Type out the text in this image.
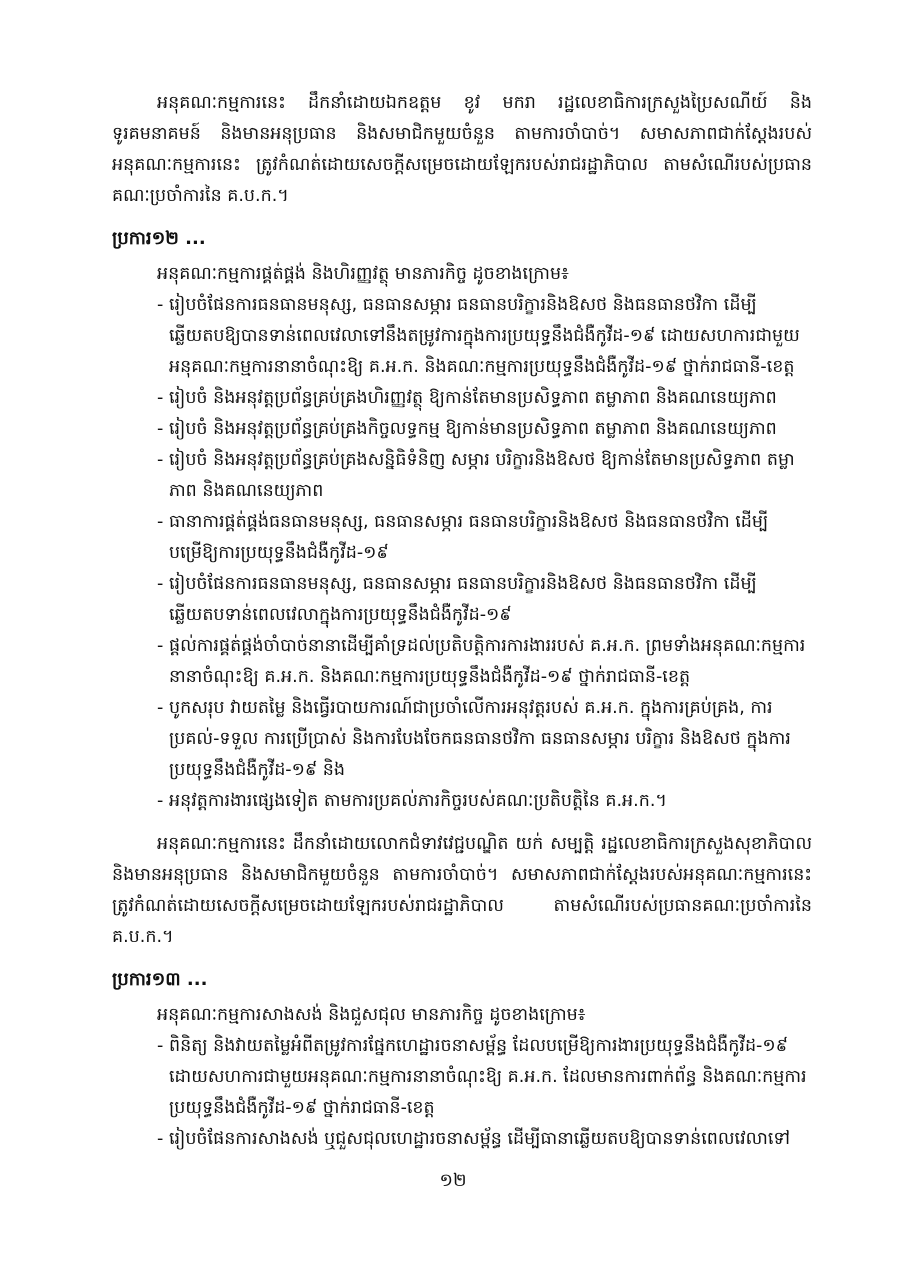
អនុគណៈកម្មការនេះ ដឹកនាំដោយឯកឧត្តម ខូវ មករា រដ្ឋលេខាធិការក្រសួងប្រៃសណីយ៍ និងទូរគមនាគមន៍ និងមានអនុប្រធាន និងសមាជិកមួយចំនួន តាមការចាំបាច់។ សមាសភាពជាក់ស្តែងរបស់អនុគណៈកម្មការនេះ ត្រូវកំណត់ដោយសេចក្តីសម្រេចដោយឡែករបស់រាជរដ្ឋាភិបាល តាមសំណើរបស់ប្រធានគណៈប្រចាំការនៃ គ.ប.ក.។

ប្រការ១២ ...

អនុគណៈកម្មការផ្គត់ផ្គង់ និងហិរញ្ញវត្ថុ មានភារកិច្ច ដូចខាងក្រោម៖

- រៀបចំផែនការធនធានមនុស្ស, ធនធានសម្ភារ ធនធានបរិក្ខារនិងឱសថ និងធនធានថវិកា ដើម្បីឆ្លើយតបឱ្យបានទាន់ពេលវេលាទៅនឹងតម្រូវការក្នុងការប្រយុទ្ធនឹងជំងឺកូវីដ-១៩ ដោយសហការជាមួយអនុគណៈកម្មការនានាចំណុះឱ្យ គ.អ.ក. និងគណៈកម្មការប្រយុទ្ធនឹងជំងឺកូវីដ-១៩ ថ្នាក់រាជធានី-ខេត្ត
- រៀបចំ និងអនុវត្តប្រព័ន្ធគ្រប់គ្រងហិរញ្ញវត្ថុ ឱ្យកាន់តែមានប្រសិទ្ធភាព តម្លាភាព និងគណនេយ្យភាព
- រៀបចំ និងអនុវត្តប្រព័ន្ធគ្រប់គ្រងកិច្ចលទ្ធកម្ម ឱ្យកាន់មានប្រសិទ្ធភាព តម្លាភាព និងគណនេយ្យភាព
- រៀបចំ និងអនុវត្តប្រព័ន្ធគ្រប់គ្រងសន្និធិទំនិញ សម្ភារ បរិក្ខារនិងឱសថ ឱ្យកាន់តែមានប្រសិទ្ធភាព តម្លាភាព និងគណនេយ្យភាព
- ធានាការផ្គត់ផ្គង់ធនធានមនុស្ស, ធនធានសម្ភារ ធនធានបរិក្ខារនិងឱសថ និងធនធានថវិកា ដើម្បីបម្រើឱ្យការប្រយុទ្ធនឹងជំងឺកូវីដ-១៩
- រៀបចំផែនការធនធានមនុស្ស, ធនធានសម្ភារ ធនធានបរិក្ខារនិងឱសថ និងធនធានថវិកា ដើម្បីឆ្លើយតបទាន់ពេលវេលាក្នុងការប្រយុទ្ធនឹងជំងឺកូវីដ-១៩
- ផ្តល់ការផ្គត់ផ្គង់ចាំបាច់នានាដើម្បីគាំទ្រដល់ប្រតិបត្តិការការងាររបស់ គ.អ.ក. ព្រមទាំងអនុគណៈកម្មការនានាចំណុះឱ្យ គ.អ.ក. និងគណៈកម្មការប្រយុទ្ធនឹងជំងឺកូវីដ-១៩ ថ្នាក់រាជធានី-ខេត្ត
- បូកសរុប វាយតម្លៃ និងធ្វើរបាយការណ៍ជាប្រចាំលើការអនុវត្តរបស់ គ.អ.ក. ក្នុងការគ្រប់គ្រង, ការប្រគល់-ទទួល ការប្រើប្រាស់ និងការបែងចែកធនធានថវិកា ធនធានសម្ភារ បរិក្ខារ និងឱសថ ក្នុងការប្រយុទ្ធនឹងជំងឺកូវីដ-១៩ និង
- អនុវត្តការងារផ្សេងទៀត តាមការប្រគល់ភារកិច្ចរបស់គណៈប្រតិបត្តិនៃ គ.អ.ក.។

អនុគណៈកម្មការនេះ ដឹកនាំដោយលោកជំទាវវេជ្ជបណ្ឌិត យក់ សម្បត្តិ រដ្ឋលេខាធិការក្រសួងសុខាភិបាល និងមានអនុប្រធាន និងសមាជិកមួយចំនួន តាមការចាំបាច់។ សមាសភាពជាក់ស្តែងរបស់អនុគណៈកម្មការនេះ ត្រូវកំណត់ដោយសេចក្តីសម្រេចដោយឡែករបស់រាជរដ្ឋាភិបាល តាមសំណើរបស់ប្រធានគណៈប្រចាំការនៃ គ.ប.ក.។

ប្រការ១៣ ...

អនុគណៈកម្មការសាងសង់ និងជួសជុល មានភារកិច្ច ដូចខាងក្រោម៖

- ពិនិត្យ និងវាយតម្លៃអំពីតម្រូវការផ្នែកហេដ្ឋារចនាសម្ព័ន្ធ ដែលបម្រើឱ្យការងារប្រយុទ្ធនឹងជំងឺកូវីដ-១៩ ដោយសហការជាមួយអនុគណៈកម្មការនានាចំណុះឱ្យ គ.អ.ក. ដែលមានការពាក់ព័ន្ធ និងគណៈកម្មការប្រយុទ្ធនឹងជំងឺកូវីដ-១៩ ថ្នាក់រាជធានី-ខេត្ត
- រៀបចំផែនការសាងសង់ ឬជួសជុលហេដ្ឋារចនាសម្ព័ន្ធ ដើម្បីធានាឆ្លើយតបឱ្យបានទាន់ពេលវេលាទៅ
១២
